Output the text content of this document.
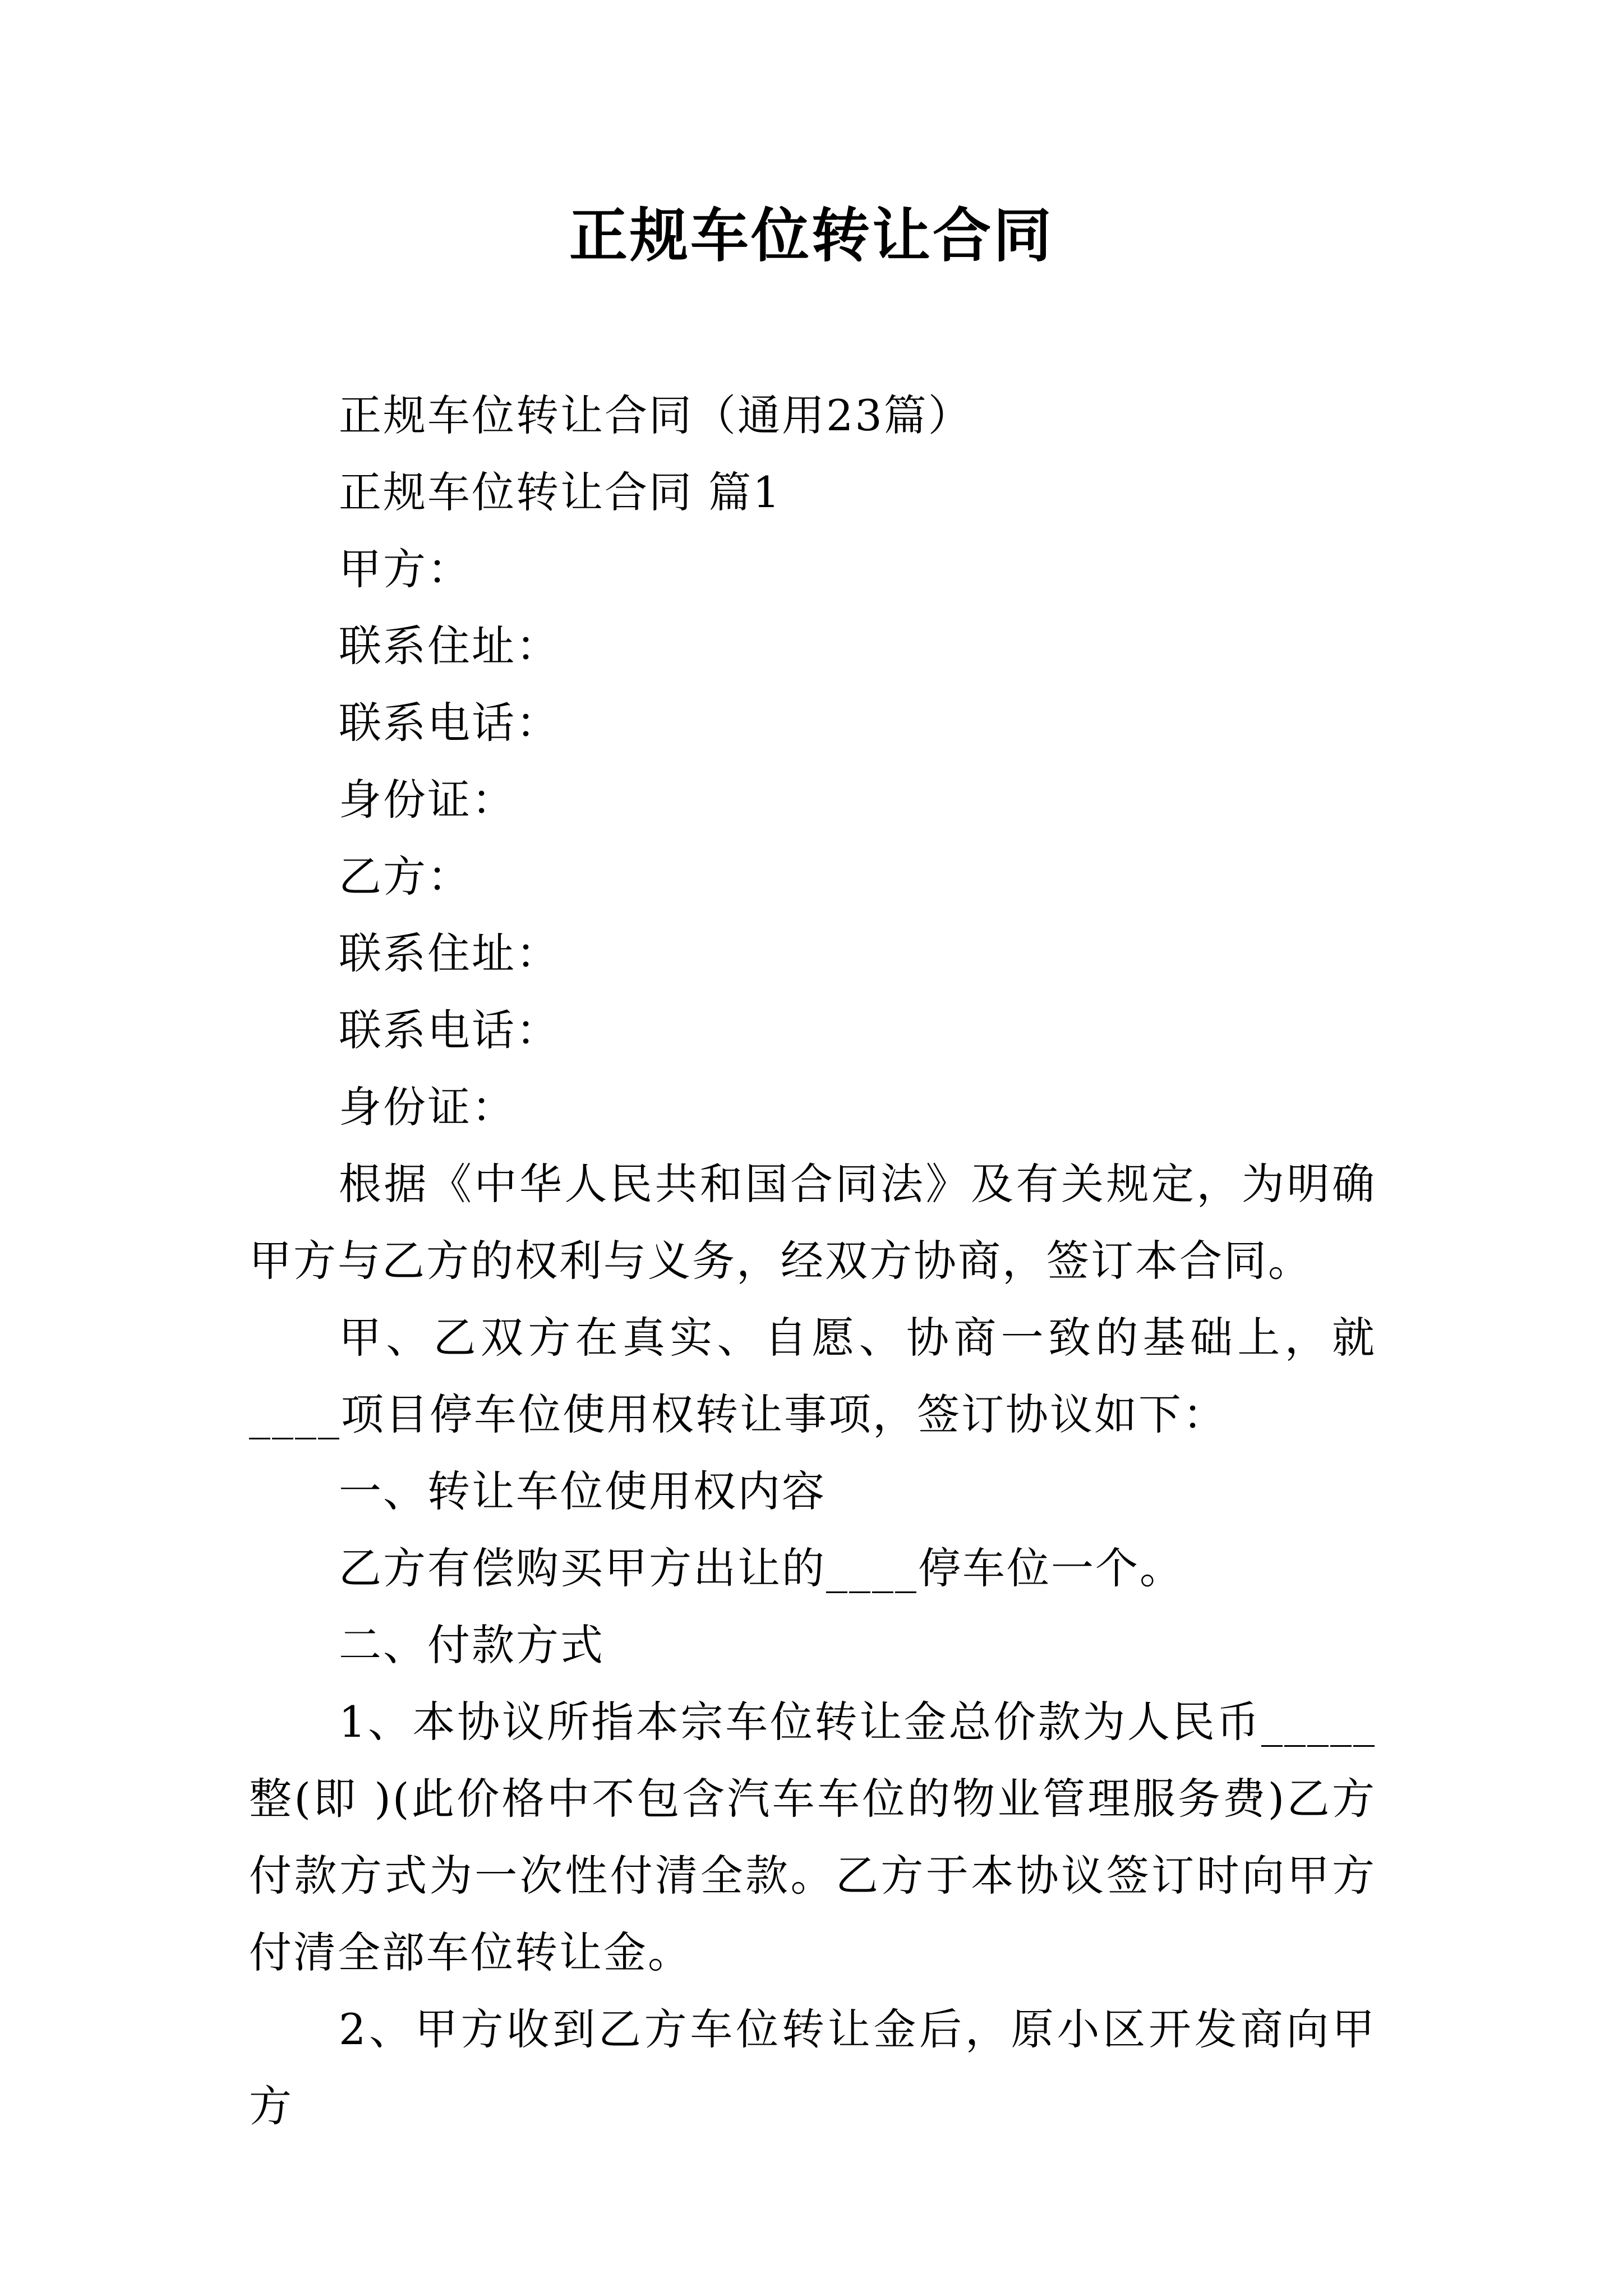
正规车位转让合同

正规车位转让合同（通用23篇）

正规车位转让合同 篇1

甲方：

联系住址：

联系电话：

身份证：

乙方：

联系住址：

联系电话：

身份证：

根据《中华人民共和国合同法》及有关规定，为明确甲方与乙方的权利与义务，经双方协商，签订本合同。

甲、乙双方在真实、自愿、协商一致的基础上，就____项目停车位使用权转让事项，签订协议如下：

一、转让车位使用权内容

乙方有偿购买甲方出让的____停车位一个。

二、付款方式

1、本协议所指本宗车位转让金总价款为人民币_____整(即 )(此价格中不包含汽车车位的物业管理服务费)乙方付款方式为一次性付清全款。乙方于本协议签订时向甲方付清全部车位转让金。

2、甲方收到乙方车位转让金后，原小区开发商向甲方
